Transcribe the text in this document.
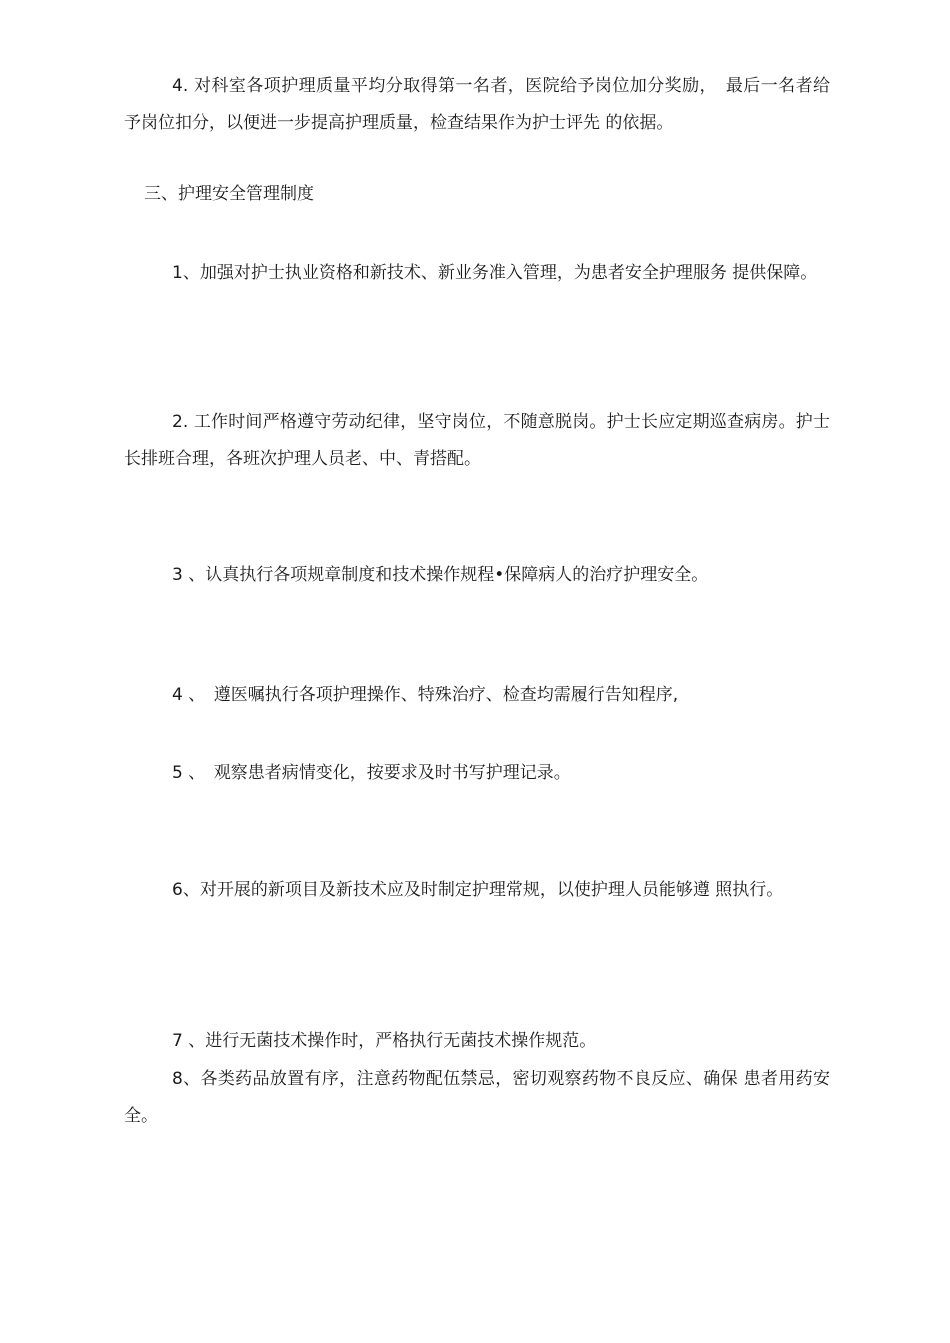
4. 对科室各项护理质量平均分取得第一名者，医院给予岗位加分奖励，　最后一名者给予岗位扣分，以便进一步提高护理质量，检查结果作为护士评先 的依据。

三、护理安全管理制度

1、加强对护士执业资格和新技术、新业务准入管理，为患者安全护理服务 提供保障。

2. 工作时间严格遵守劳动纪律，坚守岗位，不随意脱岗。护士长应定期巡查病房。护士长排班合理，各班次护理人员老、中、青搭配。

3 、认真执行各项规章制度和技术操作规程•保障病人的治疗护理安全。

4 、　遵医嘱执行各项护理操作、特殊治疗、检查均需履行告知程序,

5 、　观察患者病情变化，按要求及时书写护理记录。

6、对开展的新项目及新技术应及时制定护理常规，以使护理人员能够遵 照执行。

7 、进行无菌技术操作时，严格执行无菌技术操作规范。

8、各类药品放置有序，注意药物配伍禁忌，密切观察药物不良反应、确保 患者用药安全。
